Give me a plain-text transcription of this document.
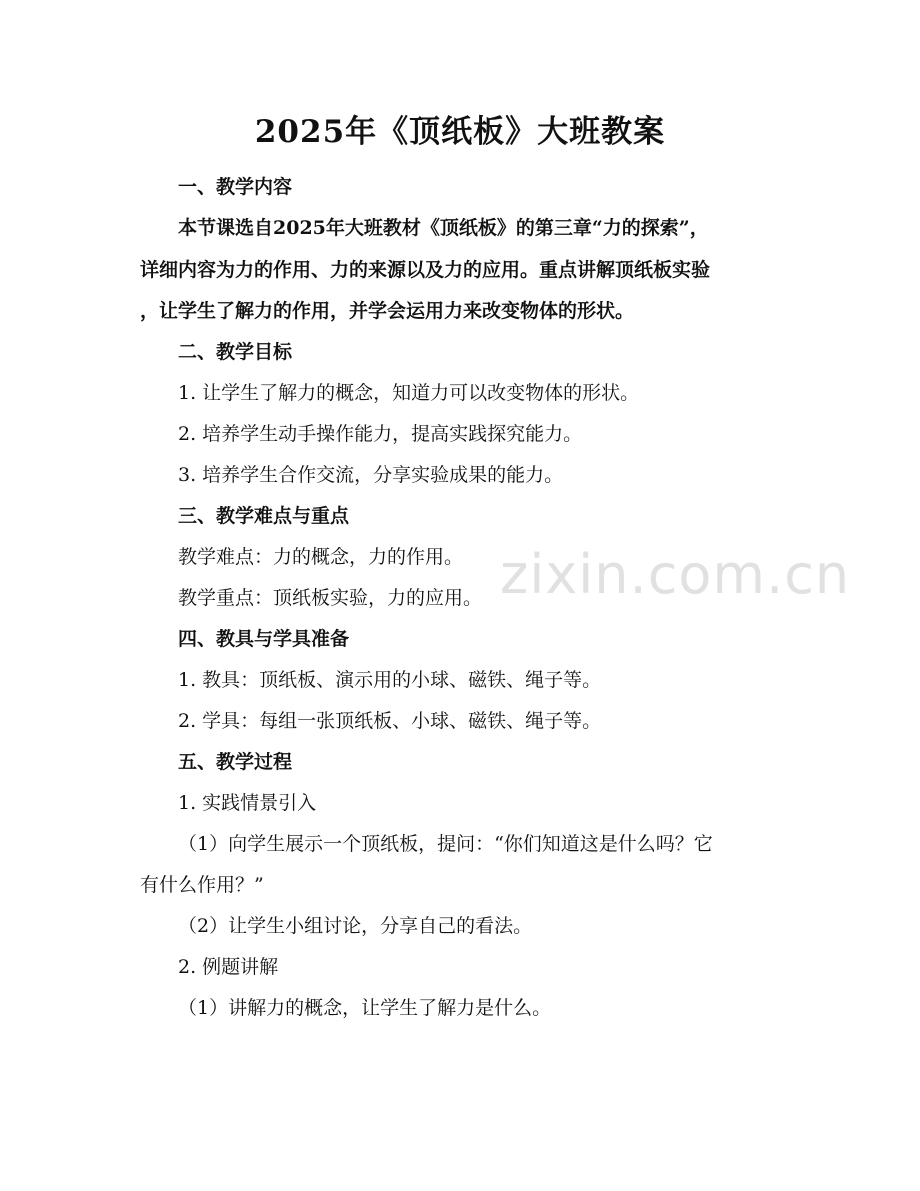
zixin.com.cn
2025年《顶纸板》大班教案
一、教学内容
本节课选自2025年大班教材《顶纸板》的第三章“力的探索”，
详细内容为力的作用、力的来源以及力的应用。重点讲解顶纸板实验
，让学生了解力的作用，并学会运用力来改变物体的形状。
二、教学目标
1. 让学生了解力的概念，知道力可以改变物体的形状。
2. 培养学生动手操作能力，提高实践探究能力。
3. 培养学生合作交流，分享实验成果的能力。
三、教学难点与重点
教学难点：力的概念，力的作用。
教学重点：顶纸板实验，力的应用。
四、教具与学具准备
1. 教具：顶纸板、演示用的小球、磁铁、绳子等。
2. 学具：每组一张顶纸板、小球、磁铁、绳子等。
五、教学过程
1. 实践情景引入
（1）向学生展示一个顶纸板，提问：“你们知道这是什么吗？它
有什么作用？”
（2）让学生小组讨论，分享自己的看法。
2. 例题讲解
（1）讲解力的概念，让学生了解力是什么。
